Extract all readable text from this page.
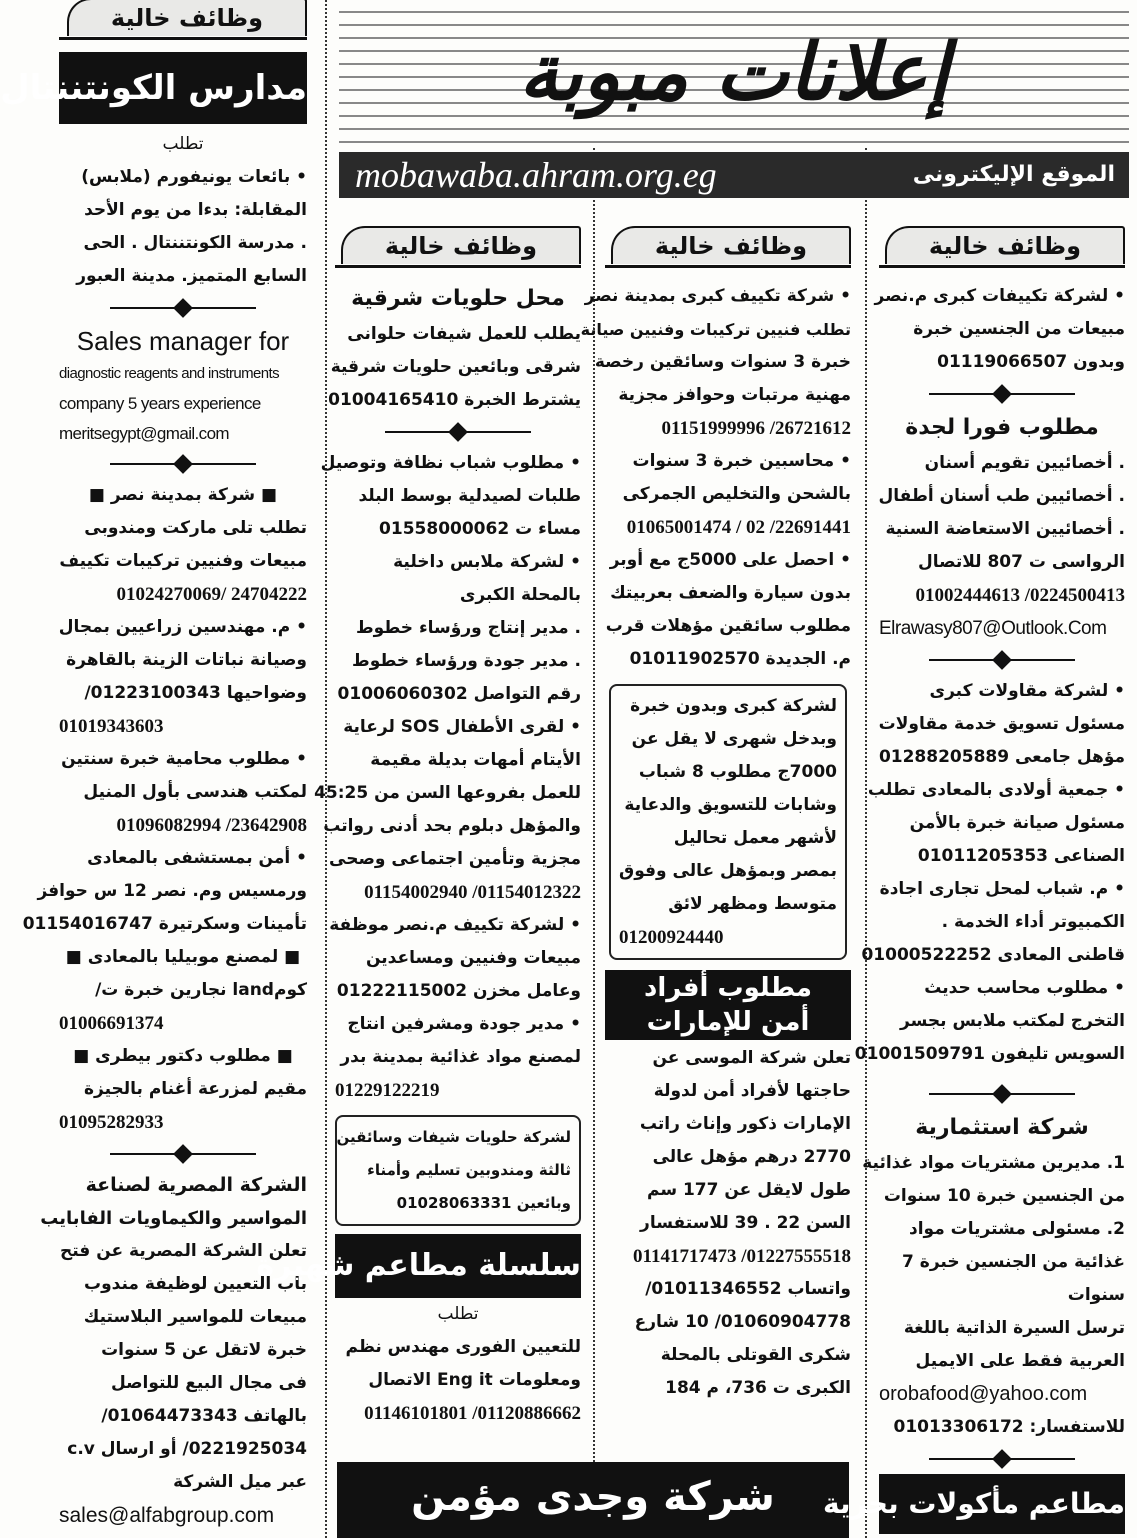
إعلانات مبوبة
الموقع الإليكترونى
mobawaba.ahram.org.eg
وظائف خالية
مدارس الكونتننتال
تطلب
• بائعات يونيفورم (ملابس)
المقابلة: بدءا من يوم الأحد
. مدرسة الكونتننتال . الحى
السابع المتميز. مدينة العبور
Sales manager for
diagnostic reagents and instruments
company 5 years experience
meritsegypt@gmail.com
■ شركة بمدينة نصر ■
تطلب تلى ماركت ومندوبى
مبيعات وفنيين تركيبات تكييف
24704222 /01024270069
• م. مهندسين زراعيين بمجال
وصيانة نباتات الزينة بالقاهرة
وضواحيها 01223100343/
01019343603
• مطلوب محامية خبرة سنتين
لمكتب هندسى بأول المنيل
23642908/ 01096082994
• أمن بمستشفى بالمعادى
ورمسيس وم. نصر 12 س حوافز
تأمينات وسكرتيرة 01154016747
■ لمصنع موبيليا بالمعادى ■
كومandا نجارين خبرة ت/
01006691374
■ مطلوب دكتور بيطرى ■
مقيم لمزرعة أغنام بالجيزة
01095282933
الشركة المصرية لصناعة
المواسير والكيماويات الفابايب
تعلن الشركة المصرية عن فتح
باب التعيين لوظيفة مندوب
مبيعات للمواسير البلاستيك
خبرة لاتقل عن 5 سنوات
فى مجال البيع للتواصل
بالهاتف 01064473343/
0221925034/ أو ارسال c.v
عبر ميل الشركة
sales@alfabgroup.com
وظائف خالية
محل حلويات شرقية
يطلب للعمل شيفات حلوانى
شرقى وبائعين حلويات شرقية
يشترط الخبرة 01004165410
• مطلوب شباب نظافة وتوصيل
طلبات لصيدلية بوسط البلد
مساء ت 01558000062
• لشركة ملابس داخلية
بالمحلة الكبرى
. مدير إنتاج ورؤساء خطوط
. مدير جودة ورؤساء خطوط
رقم التواصل 01006060302
• لقرى الأطفال SOS لرعاية
الأيتام أمهات بديلة مقيمة
للعمل بفروعها السن من 45:25
والمؤهل دبلوم بحد أدنى رواتب
مجزية وتأمين اجتماعى وصحى
01154012322/ 01154002940
• لشركة تكييف م.نصر موظفة
مبيعات وفنيين ومساعدين
وعامل مخزن 01222115002
• مدير جودة ومشرفين انتاج
لمصنع مواد غذائية بمدينة بدر
01229122219
لشركة حلويات شيفات وسائقين
ثالثة ومندوبين تسليم وأمناء
وبائعين 01028063331
سلسلة مطاعم شهيرة
تطلب
للتعيين الفورى مهندس نظم
ومعلومات Eng it الاتصال
01120886662/ 01146101801
وظائف خالية
• شركة تكييف كبرى بمدينة نصر
تطلب فنيين تركيبات وفنيين صيانة
خبرة 3 سنوات وسائقين رخصة
مهنية مرتبات وحوافز مجزية
26721612/ 01151999996
• محاسبين خبرة 3 سنوات
بالشحن والتخليص الجمركى
22691441/ 02 / 01065001474
• احصل على 5000ج مع أوبر
بدون سيارة والضعف بعربيتك
مطلوب سائقين مؤهلات قرب
م. الجديدة 01011902570
لشركة كبرى وبدون خبرة
وبدخل شهرى لا يقل عن
7000ج مطلوب 8 شباب
وشابات للتسويق والدعاية
لأشهر معمل تحاليل
بمصر وبمؤهل عالى وفوق
متوسط ومظهر لائق
01200924440
مطلوب أفراد
أمن للإمارات
تعلن شركة الموسى عن
حاجتها لأفراد أمن لدولة
الإمارات ذكور وإناث راتب
2770 درهم مؤهل عالى
طول لايقل عن 177 سم
السن 22 . 39 للاستفسار
01227555518/ 01141717473
واتساب 01011346552/
01060904778/ 10 شارع
شكرى القوتلى بالمحلة
الكبرى ت 736، م 184
شركة وجدى مؤمن
وظائف خالية
• لشركة تكييفات كبرى م.نصر
مبيعات من الجنسين خبرة
وبدون 01119066507
مطلوب فورا لجدة
. أخصائيين تقويم أسنان
. أخصائيين طب أسنان أطفال
. أخصائيين الاستعاضة السنية
الرواسى ت 807 للاتصال
0224500413/ 01002444613
Elrawasy807@Outlook.Com
• لشركة مقاولات كبرى
مسئول تسويق خدمة مقاولات
مؤهل جامعى 01288205889
• جمعية أولادى بالمعادى تطلب
مسئول صيانة خبرة بالأمن
الصناعى 01011205353
• م. شباب لمحل تجارى اجادة
الكمبيوتر أداء الخدمة .
قاطنى المعادى 01000522252
• مطلوب محاسب حديث
التخرج لمكتب ملابس بجسر
السويس تليفون 01001509791
شركة استثمارية
1. مديرين مشتريات مواد غذائية
من الجنسين خبرة 10 سنوات
2. مسئولى مشتريات مواد
غذائية من الجنسين خبرة 7
سنوات
ترسل السيرة الذاتية باللغة
العربية فقط على الايميل
orobafood@yahoo.com
للاستفسار: 01013306172
مطاعم مأكولات بحرية
